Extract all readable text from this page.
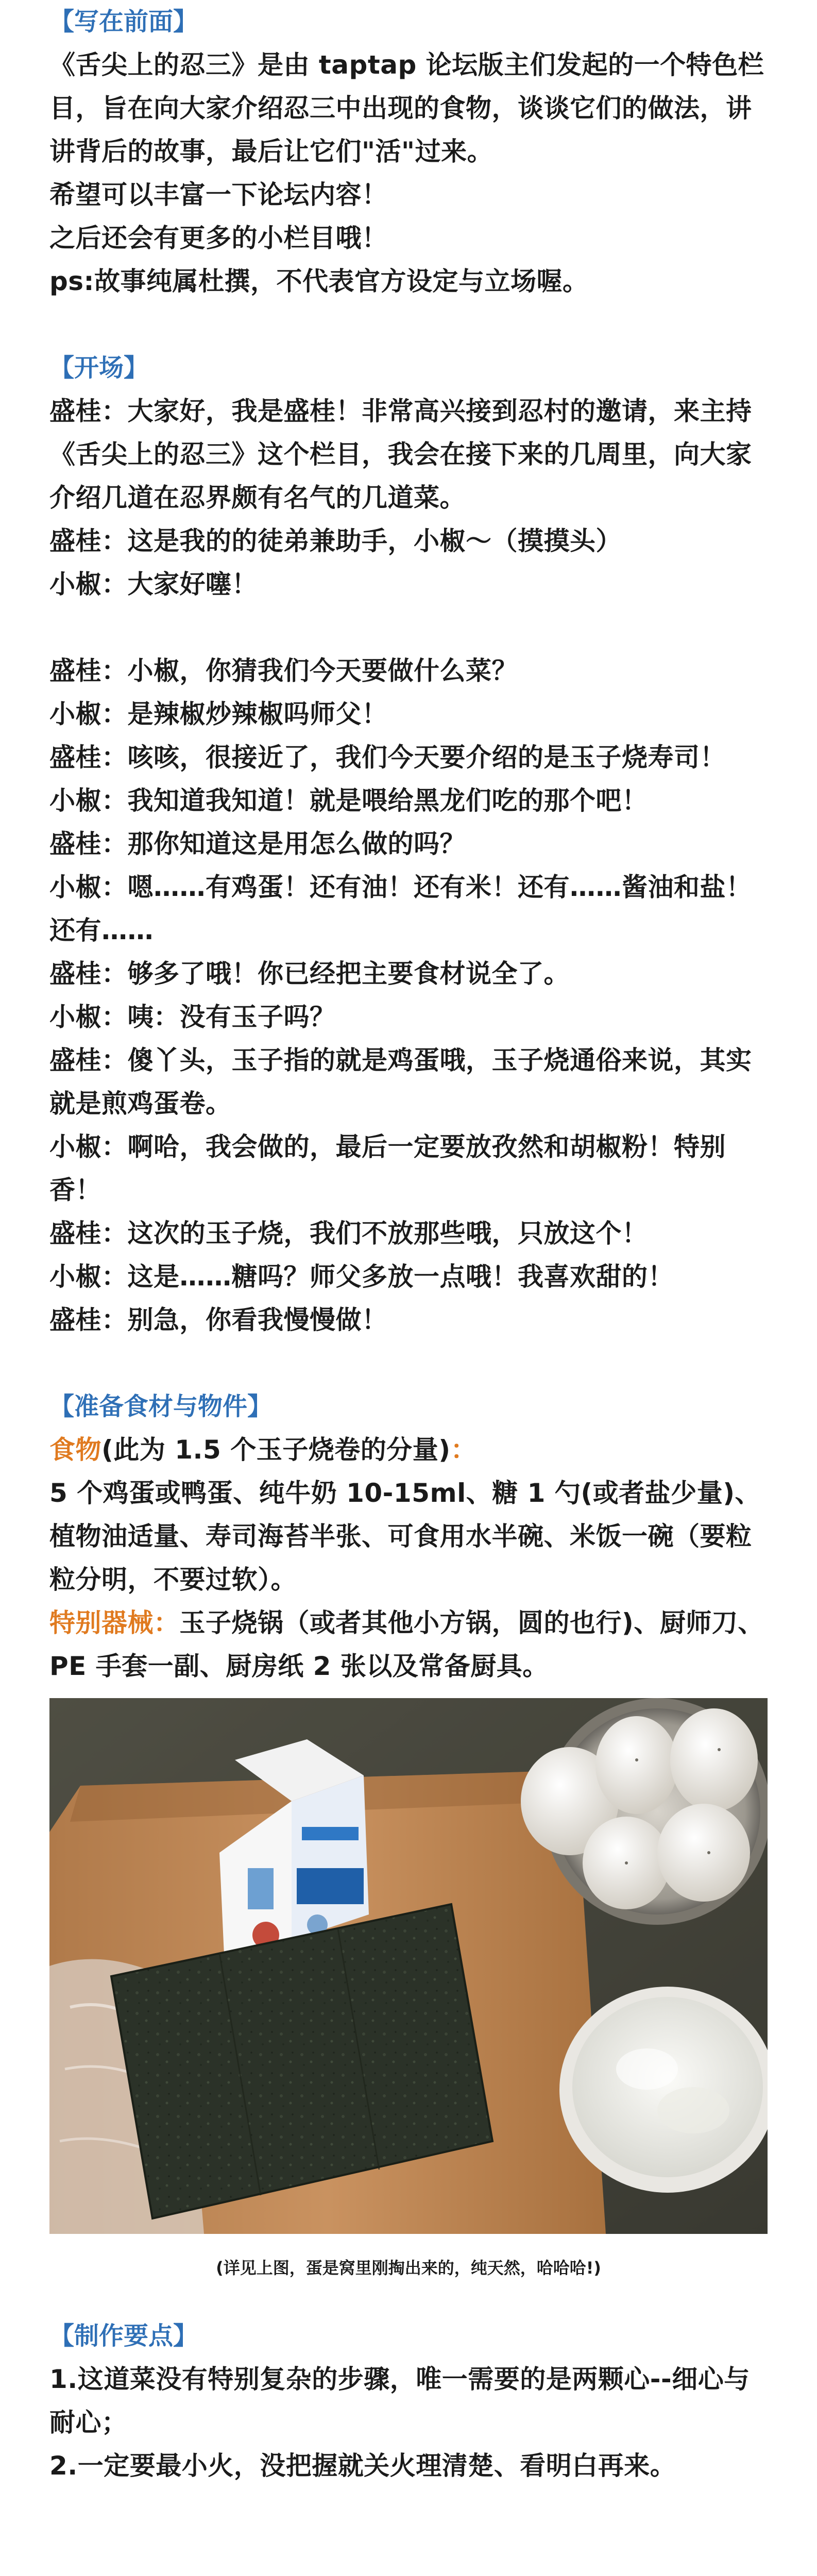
【写在前面】

《舌尖上的忍三》是由 taptap 论坛版主们发起的一个特色栏目，旨在向大家介绍忍三中出现的食物，谈谈它们的做法，讲讲背后的故事，最后让它们"活"过来。

希望可以丰富一下论坛内容！

之后还会有更多的小栏目哦！

ps:故事纯属杜撰，不代表官方设定与立场喔。

【开场】

盛桂：大家好，我是盛桂！非常高兴接到忍村的邀请，来主持《舌尖上的忍三》这个栏目，我会在接下来的几周里，向大家介绍几道在忍界颇有名气的几道菜。

盛桂：这是我的的徒弟兼助手，小椒～（摸摸头）

小椒：大家好噻！

盛桂：小椒，你猜我们今天要做什么菜？

小椒：是辣椒炒辣椒吗师父！

盛桂：咳咳，很接近了，我们今天要介绍的是玉子烧寿司！

小椒：我知道我知道！就是喂给黑龙们吃的那个吧！

盛桂：那你知道这是用怎么做的吗？

小椒：嗯……有鸡蛋！还有油！还有米！还有……酱油和盐！还有……

盛桂：够多了哦！你已经把主要食材说全了。

小椒：咦：没有玉子吗？

盛桂：傻丫头，玉子指的就是鸡蛋哦，玉子烧通俗来说，其实就是煎鸡蛋卷。

小椒：啊哈，我会做的，最后一定要放孜然和胡椒粉！特别香！

盛桂：这次的玉子烧，我们不放那些哦，只放这个！

小椒：这是……糖吗？师父多放一点哦！我喜欢甜的！

盛桂：别急，你看我慢慢做！

【准备食材与物件】

食物(此为 1.5 个玉子烧卷的分量)：

5 个鸡蛋或鸭蛋、纯牛奶 10-15ml、糖 1 勺(或者盐少量)、植物油适量、寿司海苔半张、可食用水半碗、米饭一碗（要粒粒分明，不要过软）。

特别器械：玉子烧锅（或者其他小方锅，圆的也行)、厨师刀、PE 手套一副、厨房纸 2 张以及常备厨具。

(详见上图，蛋是窝里刚掏出来的，纯天然，哈哈哈!)

【制作要点】

1.这道菜没有特别复杂的步骤，唯一需要的是两颗心--细心与耐心；

2.一定要最小火，没把握就关火理清楚、看明白再来。
